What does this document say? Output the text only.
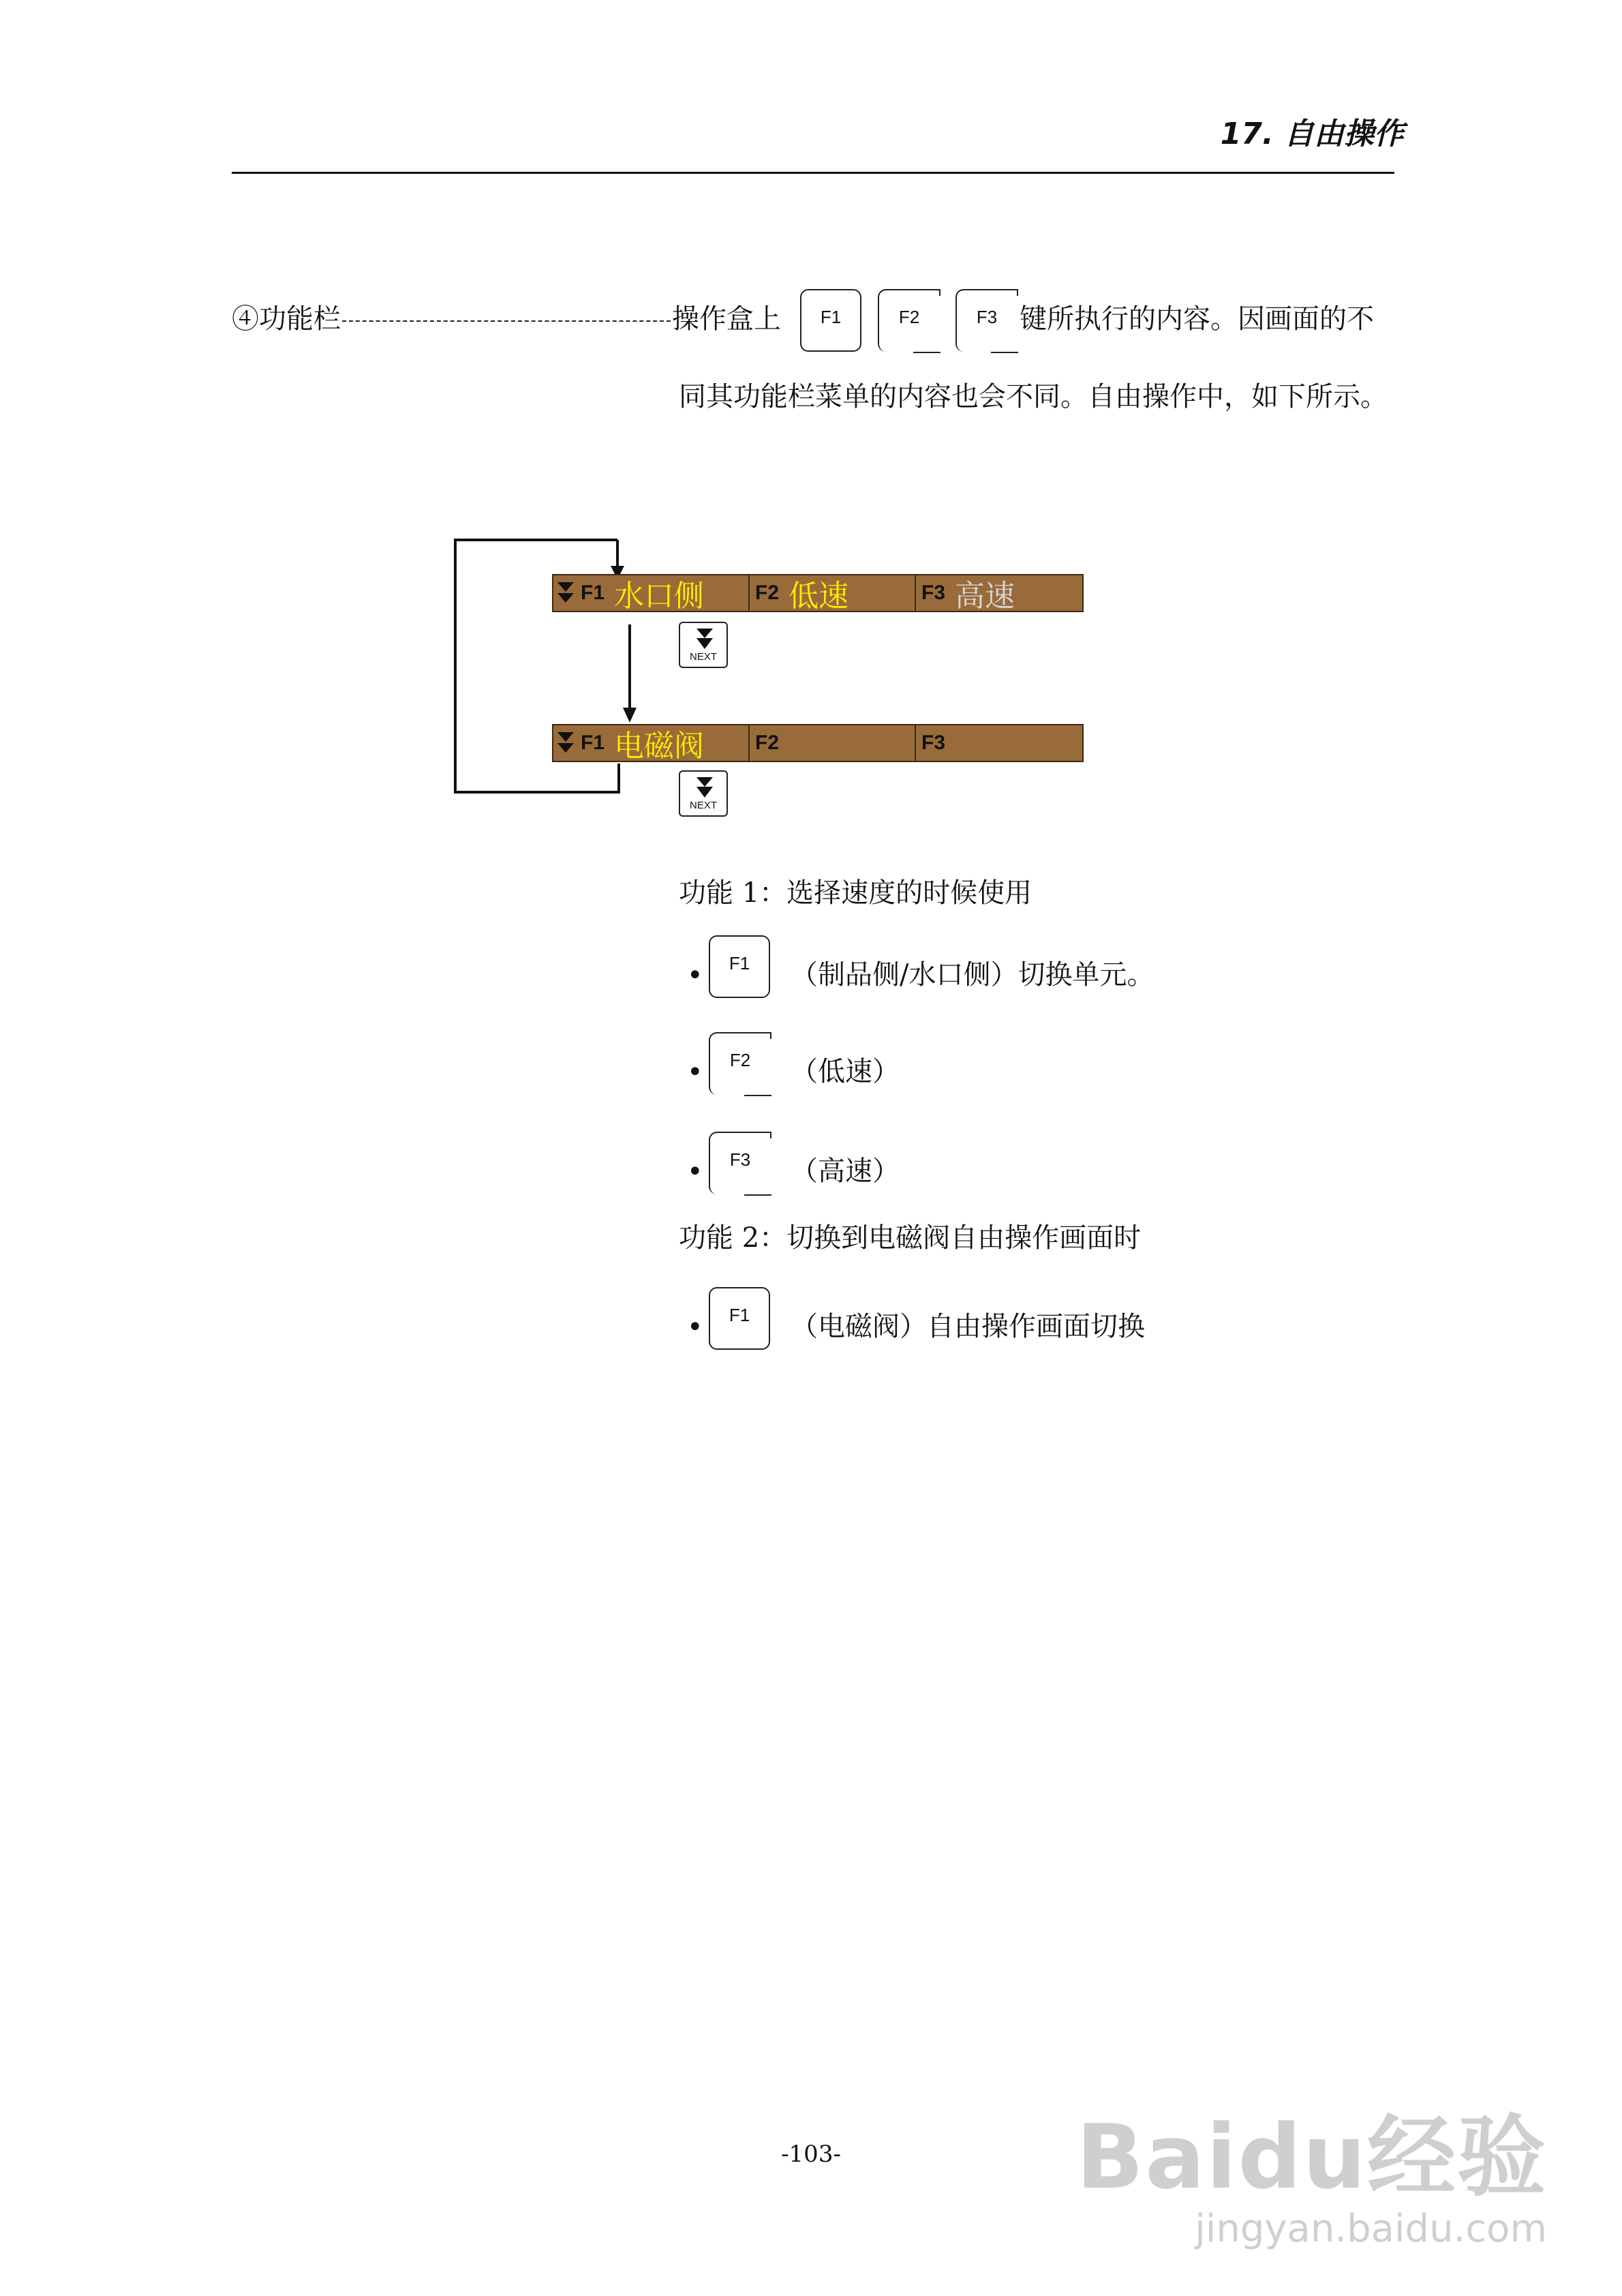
17. 自由操作
④功能栏	操作盒上	F1	F2	F3 键所执行的内容。因画面的不
同其功能栏菜单的内容也会不同。自由操作中，如下所示。
F1 水口侧 F2 低速	F3 高速
NEXT
F1 电磁阀 F2	F3
NEXT
功能 1：选择速度的时候使用
•	F1	（制品侧/水口侧）切换单元。
•	F2	（低速）
•	F3	（高速）
功能 2：切换到电磁阀自由操作画面时
•	F1	（电磁阀）自由操作画面切换
-103-	Baidu经验
jingyan.baidu.com
